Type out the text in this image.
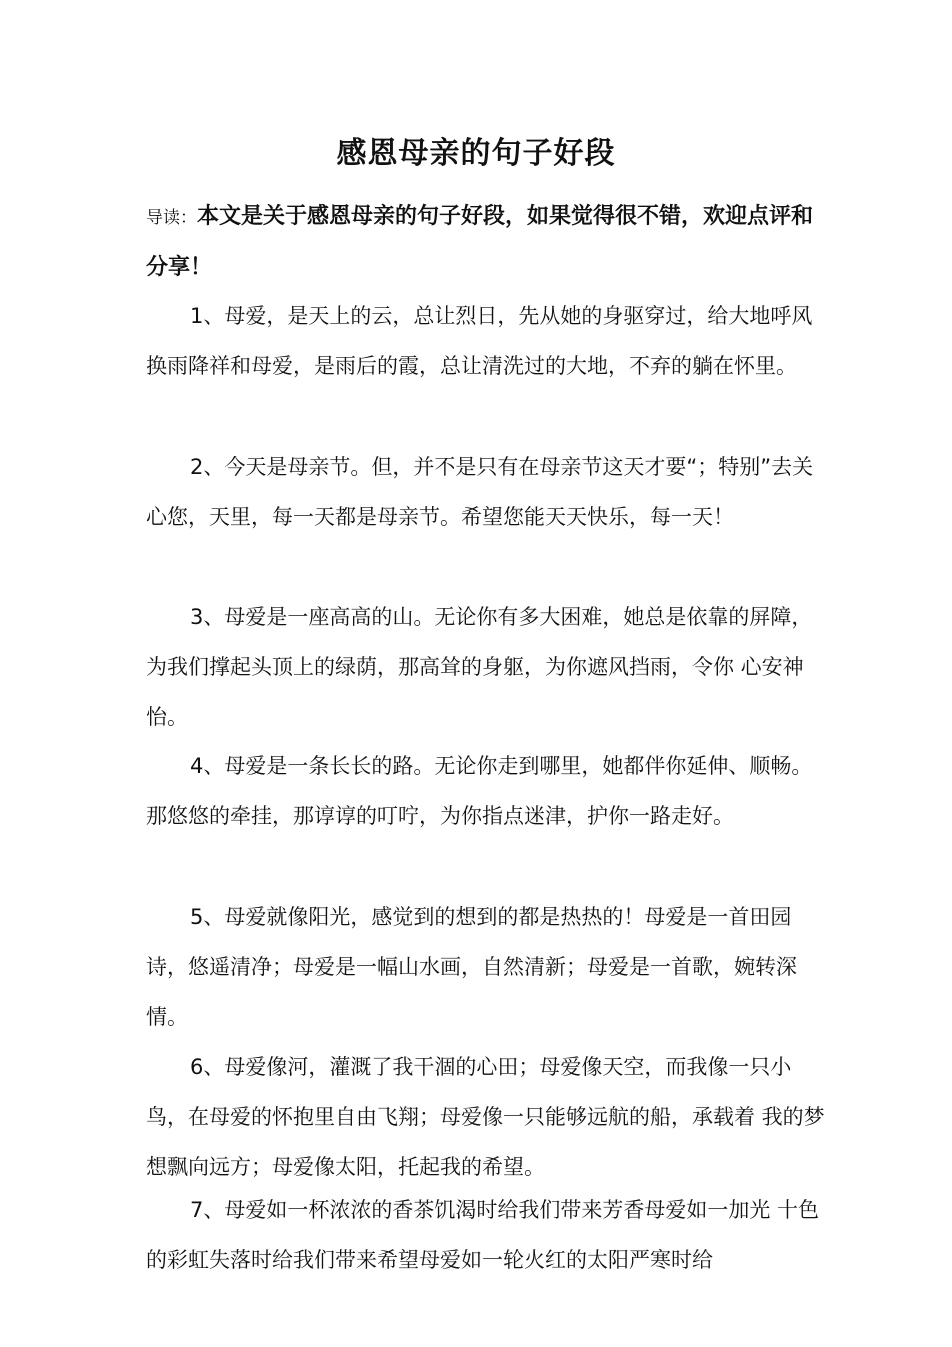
感恩母亲的句子好段
导读：本文是关于感恩母亲的句子好段，如果觉得很不错，欢迎点评和分享！
1、母爱，是天上的云，总让烈日，先从她的身驱穿过，给大地呼风换雨降祥和母爱，是雨后的霞，总让清洗过的大地，不弃的躺在怀里。
2、今天是母亲节。但，并不是只有在母亲节这天才要“；特别”去关心您，天里，每一天都是母亲节。希望您能天天快乐，每一天！
3、母爱是一座高高的山。无论你有多大困难，她总是依靠的屏障，为我们撑起头顶上的绿荫，那高耸的身躯，为你遮风挡雨，令你 心安神怡。
4、母爱是一条长长的路。无论你走到哪里，她都伴你延伸、顺畅。那悠悠的牵挂，那谆谆的叮咛，为你指点迷津，护你一路走好。
5、母爱就像阳光，感觉到的想到的都是热热的！母爱是一首田园诗，悠遥清净；母爱是一幅山水画，自然清新；母爱是一首歌，婉转深情。
6、母爱像河，灌溉了我干涸的心田；母爱像天空，而我像一只小鸟，在母爱的怀抱里自由飞翔；母爱像一只能够远航的船，承载着 我的梦想飘向远方；母爱像太阳，托起我的希望。
7、母爱如一杯浓浓的香茶饥渴时给我们带来芳香母爱如一加光 十色的彩虹失落时给我们带来希望母爱如一轮火红的太阳严寒时给
